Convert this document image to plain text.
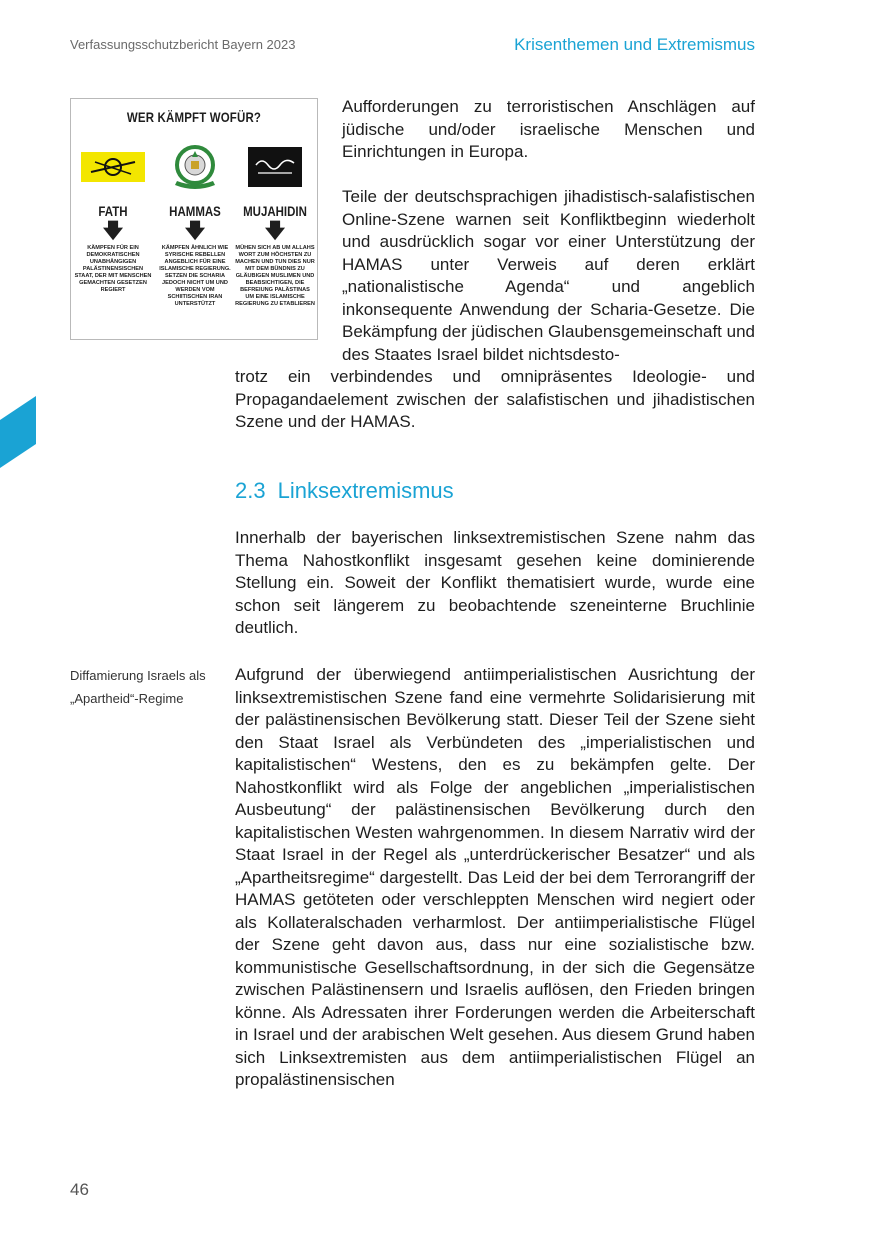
Verfassungsschutzbericht Bayern 2023	Krisenthemen und Extremismus
WER KÄMPFT WOFÜR?
FATH
🡇
KÄMPFEN FÜR EIN DEMOKRATISCHEN UNABHÄNGIGEN PALÄSTINENSISCHEN STAAT, DER MIT MENSCHEN GEMACHTEN GESETZEN REGIERT
HAMMAS
🡇
KÄMPFEN ÄHNLICH WIE SYRISCHE REBELLEN ANGEBLICH FÜR EINE ISLAMISCHE REGIERUNG. SETZEN DIE SCHARIA JEDOCH NICHT UM UND WERDEN VOM SCHIITISCHEN IRAN UNTERSTÜTZT
MUJAHIDIN
🡇
MÜHEN SICH AB UM ALLAHS WORT ZUM HÖCHSTEN ZU MACHEN UND TUN DIES NUR MIT DEM BÜNDNIS ZU GLÄUBIGEN MUSLIMEN UND BEABSICHTIGEN, DIE BEFREIUNG PALÄSTINAS UM EINE ISLAMISCHE REGIERUNG ZU ETABLIEREN

Aufforderungen zu terroristischen Anschlägen auf jüdische und/oder israelische Menschen und Einrichtungen in Europa.

Teile der deutschsprachigen jihadistisch-salafistischen Online-Szene warnen seit Konfliktbeginn wiederholt und ausdrücklich sogar vor einer Unterstützung der HAMAS unter Verweis auf deren erklärt „nationalistische Agenda“ und angeblich inkonsequente Anwendung der Scharia-Gesetze. Die Bekämpfung der jüdischen Glaubensgemeinschaft und des Staates Israel bildet nichtsdesto-

trotz ein verbindendes und omnipräsentes Ideologie- und Propagandaelement zwischen der salafistischen und jihadistischen Szene und der HAMAS.

2.3 Linksextremismus

Innerhalb der bayerischen linksextremistischen Szene nahm das Thema Nahostkonflikt insgesamt gesehen keine dominierende Stellung ein. Soweit der Konflikt thematisiert wurde, wurde eine schon seit längerem zu beobachtende szeneinterne Bruchlinie deutlich.

Diffamierung Israels als „Apartheid“-Regime

Aufgrund der überwiegend antiimperialistischen Ausrichtung der linksextremistischen Szene fand eine vermehrte Solidarisierung mit der palästinensischen Bevölkerung statt. Dieser Teil der Szene sieht den Staat Israel als Verbündeten des „imperialistischen und kapitalistischen“ Westens, den es zu bekämpfen gelte. Der Nahostkonflikt wird als Folge der angeblichen „imperialistischen Ausbeutung“ der palästinensischen Bevölkerung durch den kapitalistischen Westen wahrgenommen. In diesem Narrativ wird der Staat Israel in der Regel als „unterdrückerischer Besatzer“ und als „Apartheitsregime“ dargestellt. Das Leid der bei dem Terrorangriff der HAMAS getöteten oder verschleppten Menschen wird negiert oder als Kollateralschaden verharmlost. Der antiimperialistische Flügel der Szene geht davon aus, dass nur eine sozialistische bzw. kommunistische Gesellschaftsordnung, in der sich die Gegensätze zwischen Palästinensern und Israelis auflösen, den Frieden bringen könne. Als Adressaten ihrer Forderungen werden die Arbeiterschaft in Israel und der arabischen Welt gesehen. Aus diesem Grund haben sich Linksextremisten aus dem antiimperialistischen Flügel an propalästinensischen

46
